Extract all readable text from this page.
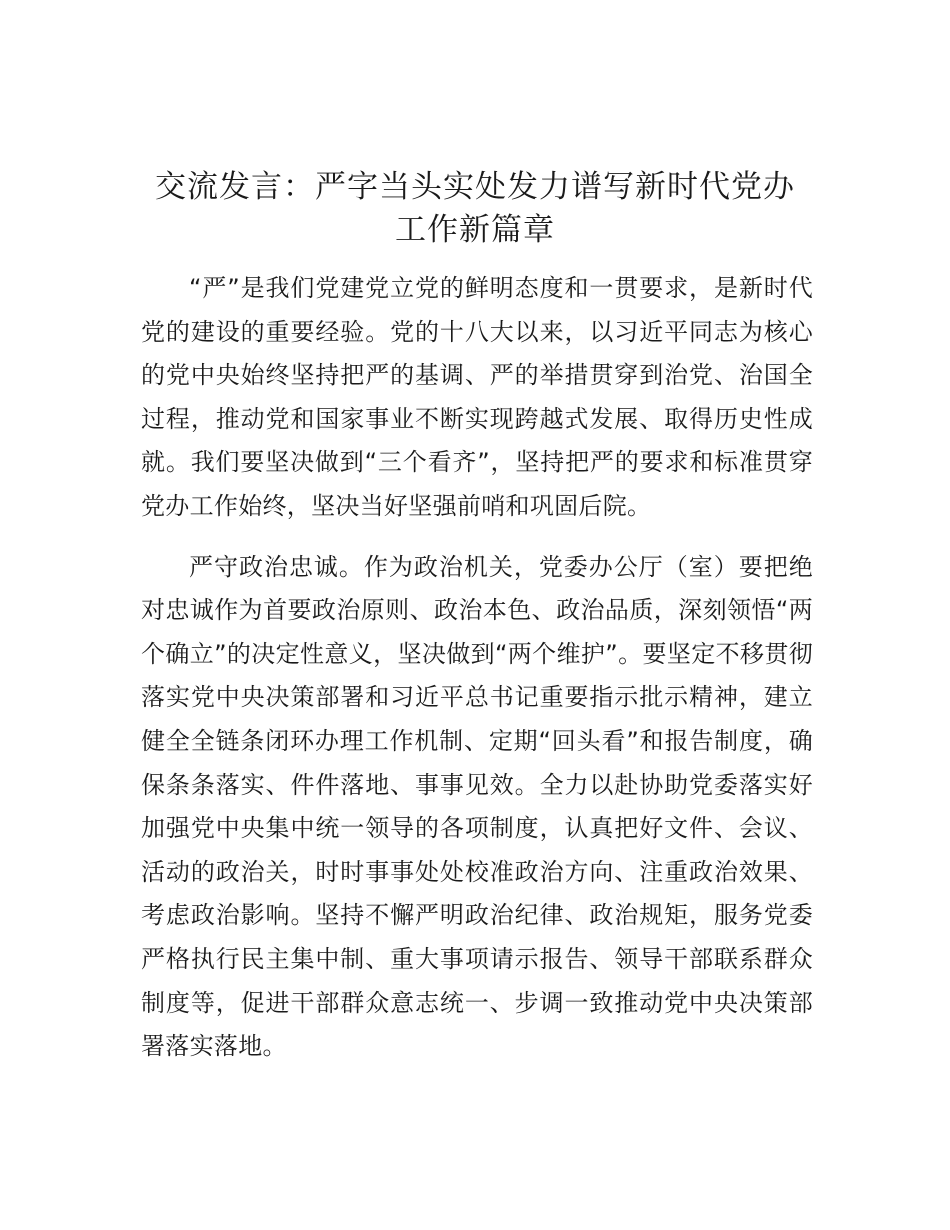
交流发言：严字当头实处发力谱写新时代党办工作新篇章

“严”是我们党建党立党的鲜明态度和一贯要求，是新时代党的建设的重要经验。党的十八大以来，以习近平同志为核心的党中央始终坚持把严的基调、严的举措贯穿到治党、治国全过程，推动党和国家事业不断实现跨越式发展、取得历史性成就。我们要坚决做到“三个看齐”，坚持把严的要求和标准贯穿党办工作始终，坚决当好坚强前哨和巩固后院。

严守政治忠诚。作为政治机关，党委办公厅（室）要把绝对忠诚作为首要政治原则、政治本色、政治品质，深刻领悟“两个确立”的决定性意义，坚决做到“两个维护”。要坚定不移贯彻落实党中央决策部署和习近平总书记重要指示批示精神，建立健全全链条闭环办理工作机制、定期“回头看”和报告制度，确保条条落实、件件落地、事事见效。全力以赴协助党委落实好加强党中央集中统一领导的各项制度，认真把好文件、会议、活动的政治关，时时事事处处校准政治方向、注重政治效果、考虑政治影响。坚持不懈严明政治纪律、政治规矩，服务党委严格执行民主集中制、重大事项请示报告、领导干部联系群众制度等，促进干部群众意志统一、步调一致推动党中央决策部署落实落地。
